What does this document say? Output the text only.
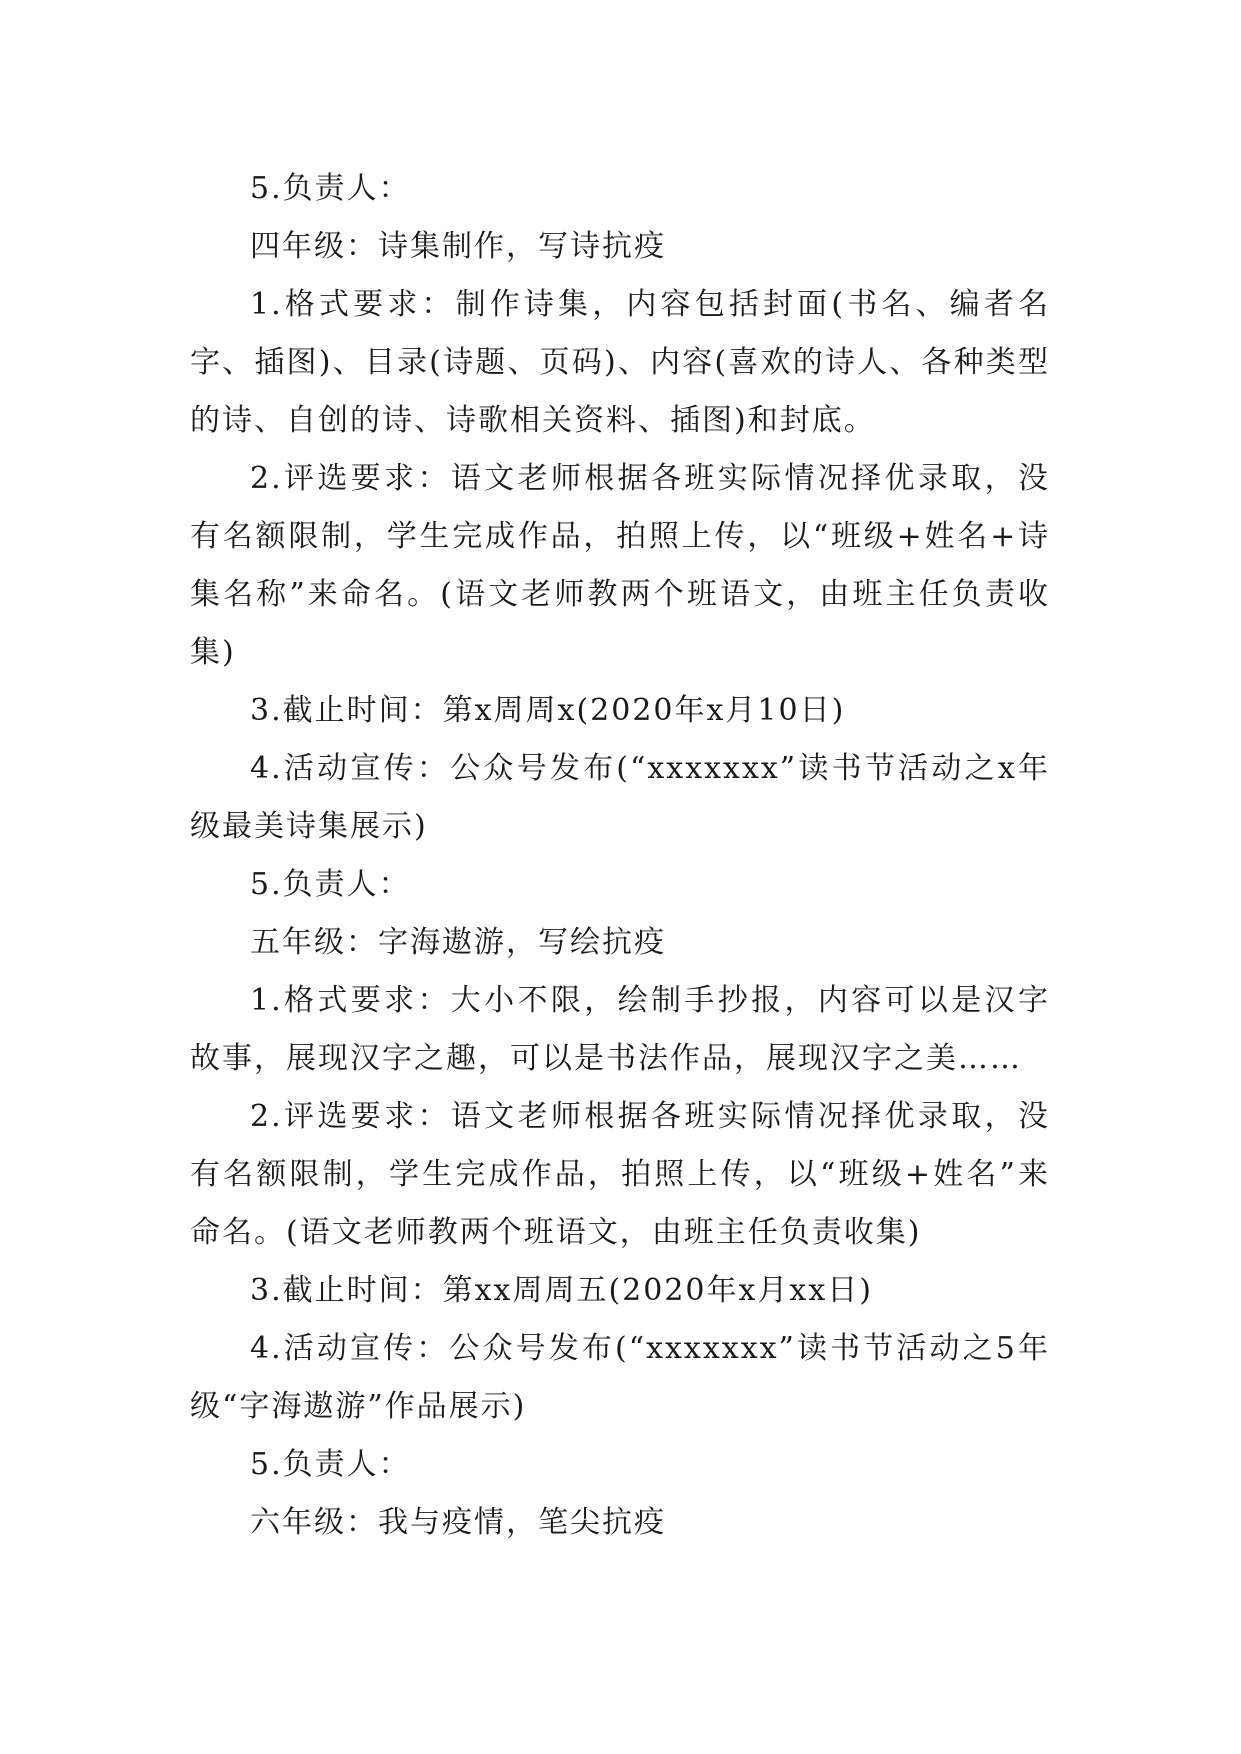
5.负责人：

四年级：诗集制作，写诗抗疫

1.格式要求：制作诗集，内容包括封面(书名、编者名字、插图)、目录(诗题、页码)、内容(喜欢的诗人、各种类型的诗、自创的诗、诗歌相关资料、插图)和封底。

2.评选要求：语文老师根据各班实际情况择优录取，没有名额限制，学生完成作品，拍照上传，以“班级+姓名+诗集名称”来命名。(语文老师教两个班语文，由班主任负责收集)

3.截止时间：第x周周x(2020年x月10日)

4.活动宣传：公众号发布(“xxxxxxx”读书节活动之x年级最美诗集展示)

5.负责人：

五年级：字海遨游，写绘抗疫

1.格式要求：大小不限，绘制手抄报，内容可以是汉字故事，展现汉字之趣，可以是书法作品，展现汉字之美……

2.评选要求：语文老师根据各班实际情况择优录取，没有名额限制，学生完成作品，拍照上传，以“班级+姓名”来命名。(语文老师教两个班语文，由班主任负责收集)

3.截止时间：第xx周周五(2020年x月xx日)

4.活动宣传：公众号发布(“xxxxxxx”读书节活动之5年级“字海遨游”作品展示)

5.负责人：

六年级：我与疫情，笔尖抗疫
